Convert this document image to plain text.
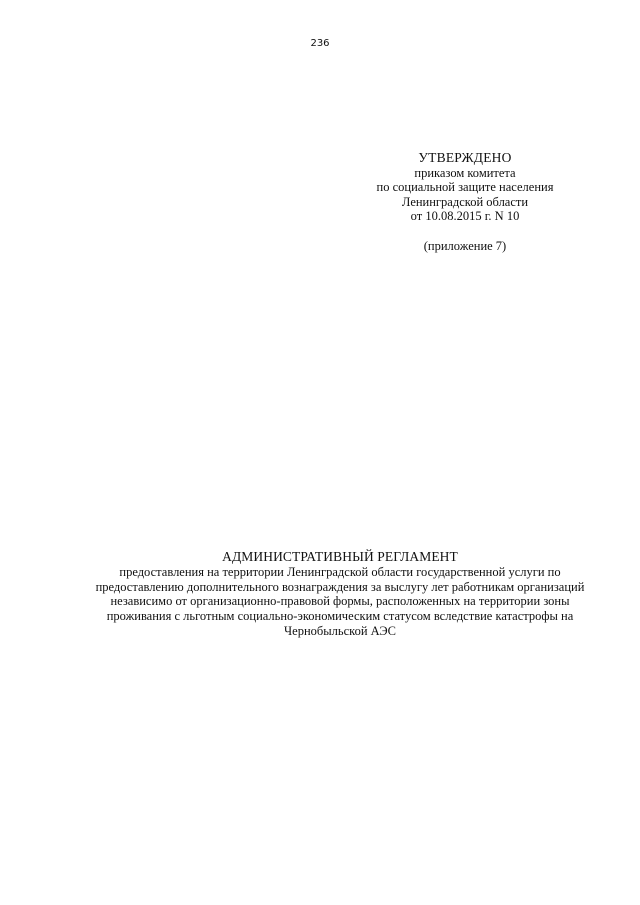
236
УТВЕРЖДЕНО
приказом комитета
по социальной защите населения
Ленинградской области
от 10.08.2015 г. N 10
(приложение 7)
АДМИНИСТРАТИВНЫЙ РЕГЛАМЕНТ
предоставления на территории Ленинградской области государственной услуги по
предоставлению дополнительного вознаграждения за выслугу лет работникам организаций
независимо от организационно-правовой формы, расположенных на территории зоны
проживания с льготным социально-экономическим статусом вследствие катастрофы на
Чернобыльской АЭС
